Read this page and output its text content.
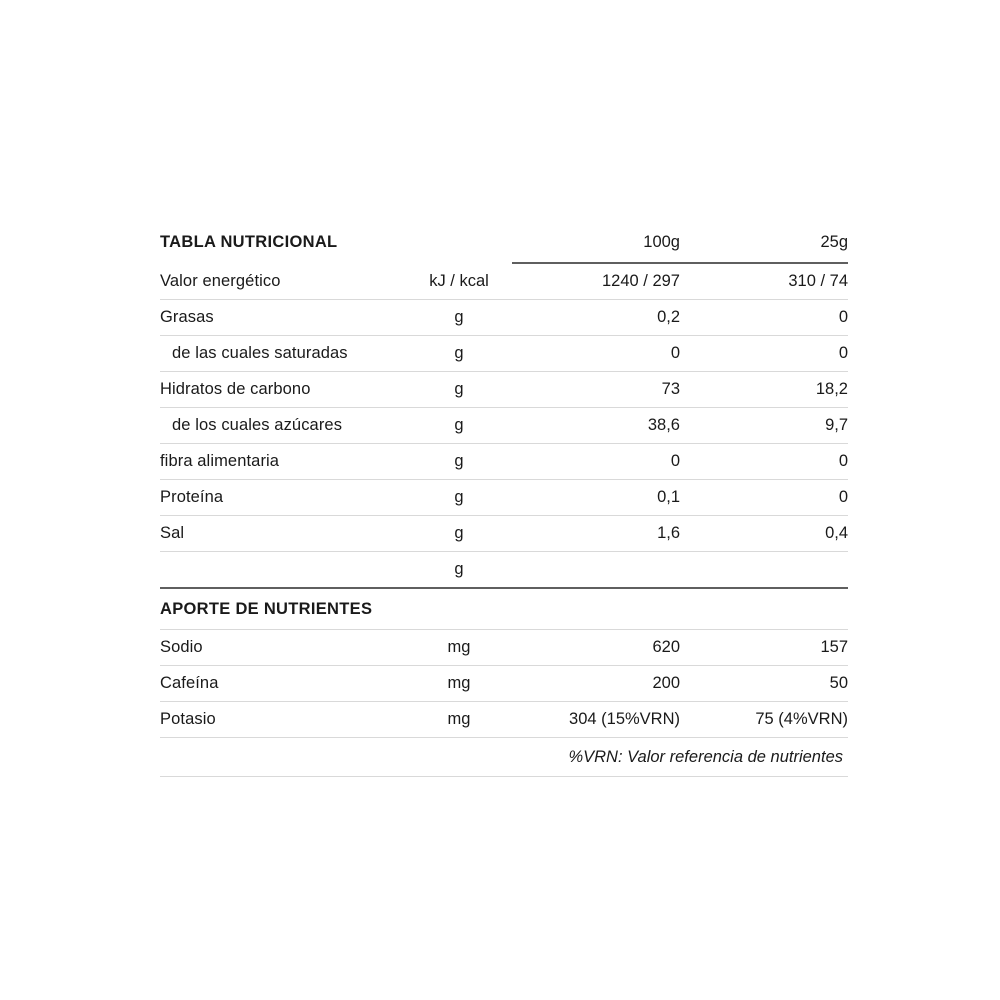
TABLA NUTRICIONAL		100g	25g
Valor energético	kJ / kcal	1240 / 297	310 / 74
Grasas	g	0,2	0
de las cuales saturadas	g	0	0
Hidratos de carbono	g	73	18,2
de los cuales azúcares	g	38,6	9,7
fibra alimentaria	g	0	0
Proteína	g	0,1	0
Sal	g	1,6	0,4
	g		
APORTE DE NUTRIENTES			
Sodio	mg	620	157
Cafeína	mg	200	50
Potasio	mg	304 (15%VRN)	75 (4%VRN)
%VRN: Valor referencia de nutrientes			
